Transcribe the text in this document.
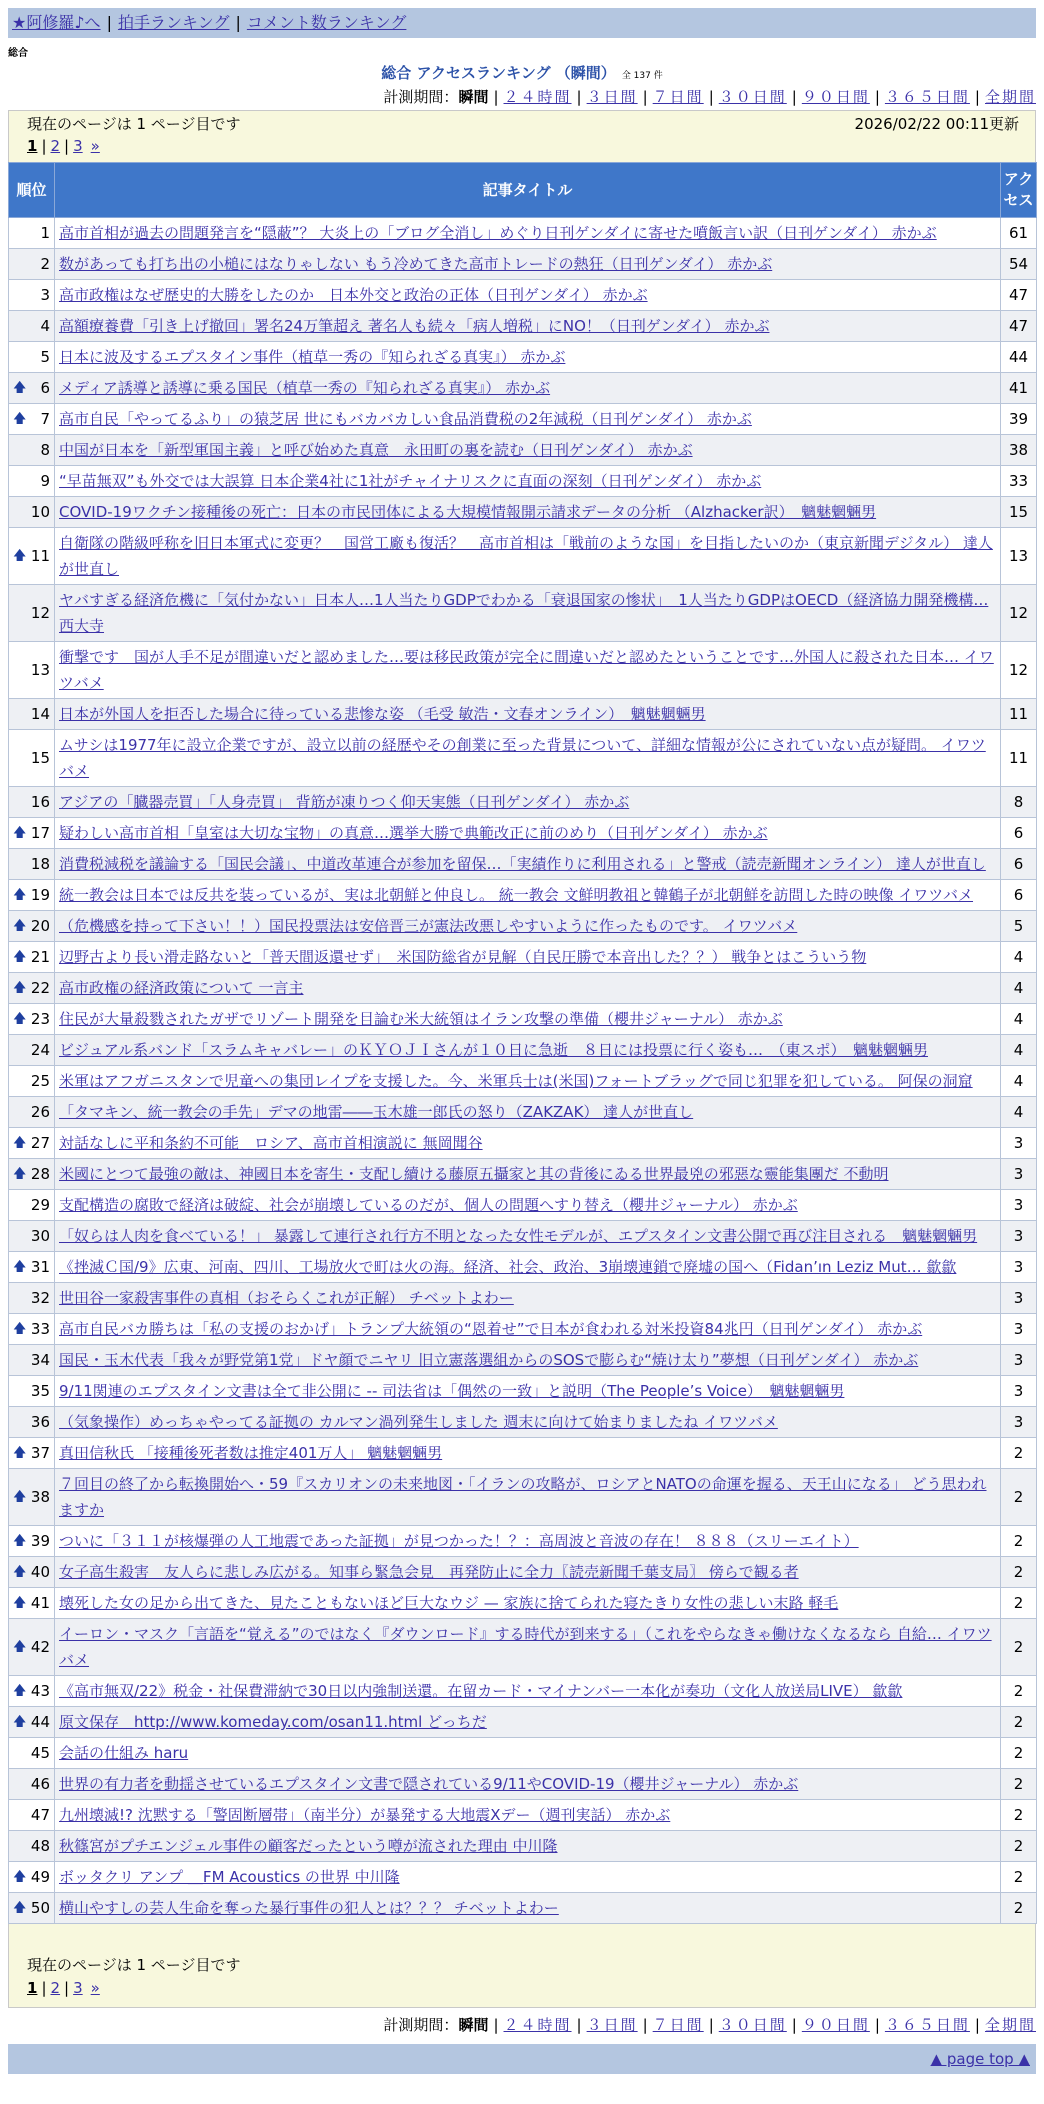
★阿修羅♪へ | 拍手ランキング | コメント数ランキング
総合
総合 アクセスランキング （瞬間） 全 137 件
計測期間：瞬間 | ２４時間 | ３日間 | ７日間 | ３０日間 | ９０日間 | ３６５日間 | 全期間
現在のページは 1 ページ目です	2026/02/22 00:11更新
1 | 2 | 3 »
現在のページは 1 ページ目です
1 | 2 | 3 »
順位	記事タイトル	アクセス
1	高市首相が過去の問題発言を“隠蔽”？ 大炎上の「ブログ全消し」めぐり日刊ゲンダイに寄せた噴飯言い訳（日刊ゲンダイ） 赤かぶ	61
2	数があっても打ち出の小槌にはなりゃしない もう冷めてきた高市トレードの熱狂（日刊ゲンダイ） 赤かぶ	54
3	高市政権はなぜ歴史的大勝をしたのか　日本外交と政治の正体（日刊ゲンダイ） 赤かぶ	47
4	高額療養費「引き上げ撤回」署名24万筆超え 著名人も続々「病人増税」にNO！（日刊ゲンダイ） 赤かぶ	47
5	日本に波及するエプスタイン事件（植草一秀の『知られざる真実』） 赤かぶ	44

🡅 6	メディア誘導と誘導に乗る国民（植草一秀の『知られざる真実』） 赤かぶ	41

🡅 7	高市自民「やってるふり」の猿芝居 世にもバカバカしい食品消費税の2年減税（日刊ゲンダイ） 赤かぶ	39
8	中国が日本を「新型軍国主義」と呼び始めた真意　永田町の裏を読む（日刊ゲンダイ） 赤かぶ	38
9	“早苗無双”も外交では大誤算 日本企業4社に1社がチャイナリスクに直面の深刻（日刊ゲンダイ） 赤かぶ	33
10	COVID-19ワクチン接種後の死亡：日本の市民団体による大規模情報開示請求データの分析 （Alzhacker訳）　魑魅魍魎男	15

🡅 11	自衛隊の階級呼称を旧日本軍式に変更？　国営工廠も復活？　高市首相は「戦前のような国」を目指したいのか（東京新聞デジタル） 達人が世直し	13
12	ヤバすぎる経済危機に「気付かない」日本人…1人当たりGDPでわかる「衰退国家の惨状」　1人当たりGDPはOECD（経済協力開発機構… 西大寺	12
13	衝撃です　国が人手不足が間違いだと認めました…要は移民政策が完全に間違いだと認めたということです…外国人に殺された日本… イワツバメ	12
14	日本が外国人を拒否した場合に待っている悲惨な姿 （毛受 敏浩・文春オンライン）　魑魅魍魎男	11
15	ムサシは1977年に設立企業ですが、設立以前の経歴やその創業に至った背景について、詳細な情報が公にされていない点が疑問。 イワツバメ	11
16	アジアの「臓器売買」「人身売買」 背筋が凍りつく仰天実態（日刊ゲンダイ） 赤かぶ	8

🡅 17	疑わしい高市首相「皇室は大切な宝物」の真意…選挙大勝で典範改正に前のめり（日刊ゲンダイ） 赤かぶ	6
18	消費税減税を議論する「国民会議」、中道改革連合が参加を留保…「実績作りに利用される」と警戒（読売新聞オンライン） 達人が世直し	6

🡅 19	統一教会は日本では反共を装っているが、実は北朝鮮と仲良し。 統一教会 文鮮明教祖と韓鶴子が北朝鮮を訪問した時の映像 イワツバメ	6

🡅 20	（危機感を持って下さい！！）国民投票法は安倍晋三が憲法改悪しやすいように作ったものです。 イワツバメ	5

🡅 21	辺野古より長い滑走路ないと「普天間返還せず」　米国防総省が見解（自民圧勝で本音出した？？） 戦争とはこういう物	4

🡅 22	高市政権の経済政策について 一言主	4

🡅 23	住民が大量殺戮されたガザでリゾート開発を目論む米大統領はイラン攻撃の準備（櫻井ジャーナル） 赤かぶ	4
24	ビジュアル系バンド「スラムキャバレー」のＫＹＯＪＩさんが１０日に急逝　８日には投票に行く姿も…　（東スポ）　魑魅魍魎男	4
25	米軍はアフガニスタンで児童への集団レイプを支援した。今、米軍兵士は(米国)フォートブラッグで同じ犯罪を犯している。 阿保の洞窟	4
26	「タマキン、統一教会の手先」デマの地雷――玉木雄一郎氏の怒り（ZAKZAK） 達人が世直し	4

🡅 27	対話なしに平和条約不可能　ロシア、高市首相演説に 無岡聞谷	3

🡅 28	米國にとつて最強の敵は、神國日本を寄生・支配し續ける藤原五攝家と其の背後にゐる世界最兇の邪惡な靈能集團だ 不動明	3
29	支配構造の腐敗で経済は破綻、社会が崩壊しているのだが、個人の問題へすり替え（櫻井ジャーナル） 赤かぶ	3
30	「奴らは人肉を食べている！」 暴露して連行され行方不明となった女性モデルが、エプスタイン文書公開で再び注目される　魑魅魍魎男	3

🡅 31	《挫滅Ｃ国/9》広東、河南、四川、工場放火で町は火の海。経済、社会、政治、3崩壊連鎖で廃墟の国へ（Fidan’ın Leziz Mut… 歙歙	3
32	世田谷一家殺害事件の真相（おそらくこれが正解） チベットよわー	3

🡅 33	高市自民バカ勝ちは「私の支援のおかげ」トランプ大統領の“恩着せ”で日本が食われる対米投資84兆円（日刊ゲンダイ） 赤かぶ	3
34	国民・玉木代表「我々が野党第1党」ドヤ顔でニヤリ 旧立憲落選組からのSOSで膨らむ“焼け太り”夢想（日刊ゲンダイ） 赤かぶ	3
35	9/11関連のエプスタイン文書は全て非公開に -- 司法省は「偶然の一致」と説明（The People’s Voice）　魑魅魍魎男	3
36	（気象操作）めっちゃやってる証拠の カルマン渦列発生しました 週末に向けて始まりましたね イワツバメ	3

🡅 37	真田信秋氏 「接種後死者数は推定401万人」 魑魅魍魎男	2

🡅 38	７回目の終了から転換開始へ・59『スカリオンの未来地図・「イランの攻略が、ロシアとNATOの命運を握る、天王山になる」 どう思われますか	2

🡅 39	ついに「３１１が核爆弾の人工地震であった証拠」が見つかった！？：高周波と音波の存在！ ８８８（スリーエイト）	2

🡅 40	女子高生殺害　友人らに悲しみ広がる。知事ら緊急会見　再発防止に全力〖読売新聞千葉支局〗 傍らで観る者	2

🡅 41	壊死した女の足から出てきた、見たこともないほど巨大なウジ — 家族に捨てられた寝たきり女性の悲しい末路 軽毛	2

🡅 42	イーロン・マスク「言語を“覚える”のではなく『ダウンロード』する時代が到来する」（これをやらなきゃ働けなくなるなら 自給… イワツバメ	2

🡅 43	《高市無双/22》税金・社保費滞納で30日以内強制送還。在留カード・マイナンバー一本化が奏功（文化人放送局LIVE） 歙歙	2

🡅 44	原文保存　http://www.komeday.com/osan11.html どっちだ	2
45	会話の仕組み haru	2
46	世界の有力者を動揺させているエプスタイン文書で隠されている9/11やCOVID-19（櫻井ジャーナル） 赤かぶ	2
47	九州壊滅!? 沈黙する「警固断層帯」（南半分）が暴発する大地震Xデー（週刊実話） 赤かぶ	2
48	秋篠宮がプチエンジェル事件の顧客だったという噂が流された理由 中川隆	2

🡅 49	ボッタクリ アンプ ＿FM Acoustics の世界 中川隆	2

🡅 50	横山やすしの芸人生命を奪った暴行事件の犯人とは？？？ チベットよわー	2
計測期間：瞬間 | ２４時間 | ３日間 | ７日間 | ３０日間 | ９０日間 | ３６５日間 | 全期間
▲ page top ▲
